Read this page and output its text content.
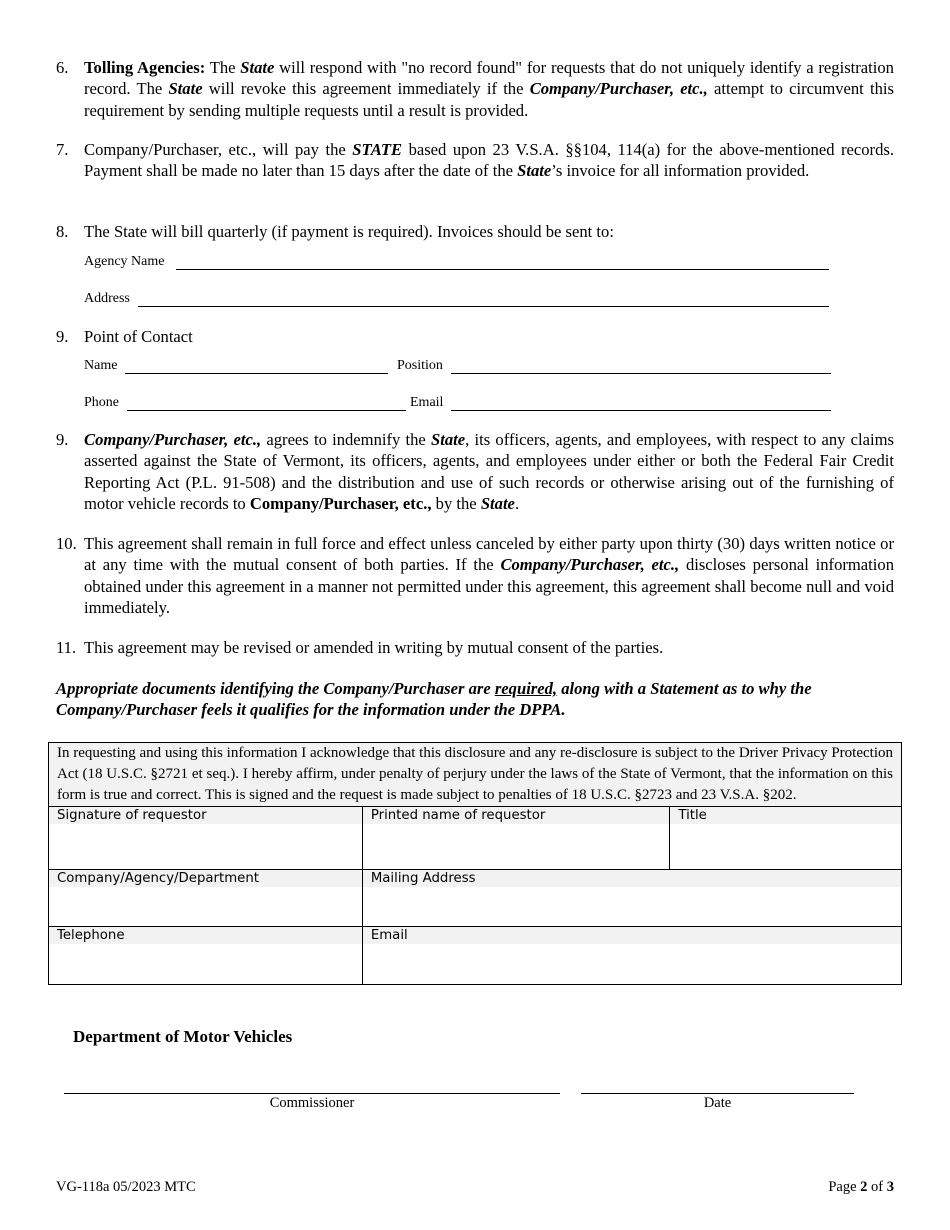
6. Tolling Agencies: The State will respond with "no record found" for requests that do not uniquely identify a registration record. The State will revoke this agreement immediately if the Company/Purchaser, etc., attempt to circumvent this requirement by sending multiple requests until a result is provided.
7. Company/Purchaser, etc., will pay the STATE based upon 23 V.S.A. §§104, 114(a) for the above-mentioned records. Payment shall be made no later than 15 days after the date of the State’s invoice for all information provided.
8. The State will bill quarterly (if payment is required). Invoices should be sent to:
Agency Name
Address
9. Point of Contact
Name	Position
Phone	Email
9. Company/Purchaser, etc., agrees to indemnify the State, its officers, agents, and employees, with respect to any claims asserted against the State of Vermont, its officers, agents, and employees under either or both the Federal Fair Credit Reporting Act (P.L. 91-508) and the distribution and use of such records or otherwise arising out of the furnishing of motor vehicle records to Company/Purchaser, etc., by the State.
10. This agreement shall remain in full force and effect unless canceled by either party upon thirty (30) days written notice or at any time with the mutual consent of both parties. If the Company/Purchaser, etc., discloses personal information obtained under this agreement in a manner not permitted under this agreement, this agreement shall become null and void immediately.
11. This agreement may be revised or amended in writing by mutual consent of the parties.
Appropriate documents identifying the Company/Purchaser are required, along with a Statement as to why the Company/Purchaser feels it qualifies for the information under the DPPA.
In requesting and using this information I acknowledge that this disclosure and any re-disclosure is subject to the Driver Privacy Protection Act (18 U.S.C. §2721 et seq.). I hereby affirm, under penalty of perjury under the laws of the State of Vermont, that the information on this form is true and correct. This is signed and the request is made subject to penalties of 18 U.S.C. §2723 and 23 V.S.A. §202.		

Signature of requestor	Printed name of requestor	Title

Company/Agency/Department	Mailing Address	

Telephone	Email	
Department of Motor Vehicles
Commissioner	Date
VG-118a 05/2023 MTC	Page 2 of 3
